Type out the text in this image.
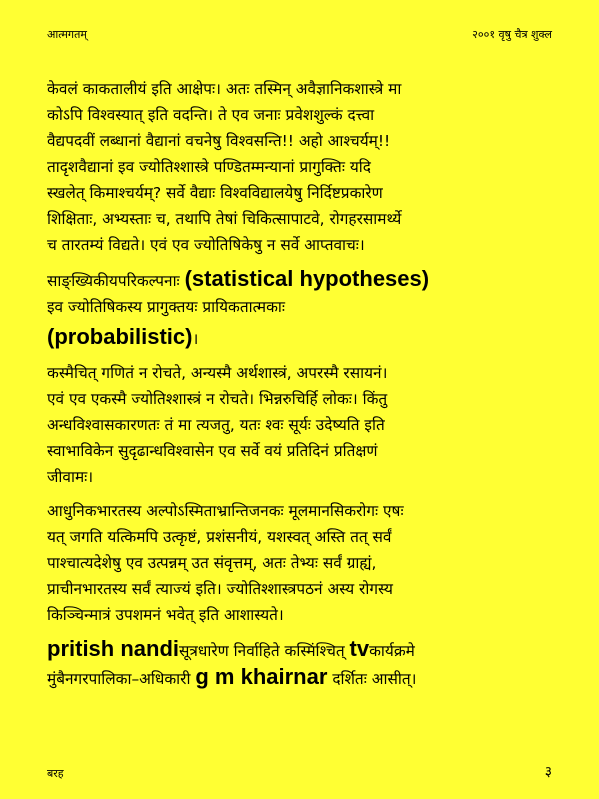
आत्मगतम्	२००१ वृषु चैत्र शुक्ल
केवलं काकतालीयं इति आक्षेपः। अतः तस्मिन् अवैज्ञानिकशास्त्रे मा
कोऽपि विश्वस्यात् इति वदन्ति। ते एव जनाः प्रवेशशुल्कं दत्त्वा
वैद्यपदवीं लब्धानां वैद्यानां वचनेषु विश्वसन्ति!! अहो आश्चर्यम्!!
तादृशवैद्यानां इव ज्योतिश्शास्त्रे पण्डितम्मन्यानां प्रागुक्तिः यदि
स्खलेत् किमाश्चर्यम्? सर्वे वैद्याः विश्वविद्यालयेषु निर्दिष्टप्रकारेण
शिक्षिताः, अभ्यस्ताः च, तथापि तेषां चिकित्सापाटवे, रोगहरसामर्थ्ये
च तारतम्यं विद्यते। एवं एव ज्योतिषिकेषु न सर्वे आप्तवाचः।
साङ्ख्यिकीयपरिकल्पनाः (statistical hypotheses)
इव ज्योतिषिकस्य प्रागुक्तयः प्रायिकतात्मकाः
(probabilistic)।
कस्मैचित् गणितं न रोचते, अन्यस्मै अर्थशास्त्रं, अपरस्मै रसायनं।
एवं एव एकस्मै ज्योतिश्शास्त्रं न रोचते। भिन्नरुचिर्हि लोकः। किंतु
अन्धविश्वासकारणतः तं मा त्यजतु, यतः श्वः सूर्यः उदेष्यति इति
स्वाभाविकेन सुदृढान्धविश्वासेन एव सर्वे वयं प्रतिदिनं प्रतिक्षणं
जीवामः।
आधुनिकभारतस्य अल्पोऽस्मिताभ्रान्तिजनकः मूलमानसिकरोगः एषः
यत् जगति यत्किमपि उत्कृष्टं, प्रशंसनीयं, यशस्वत् अस्ति तत् सर्वं
पाश्चात्यदेशेषु एव उत्पन्नम् उत संवृत्तम्, अतः तेभ्यः सर्वं ग्राह्यं,
प्राचीनभारतस्य सर्वं त्याज्यं इति। ज्योतिश्शास्त्रपठनं अस्य रोगस्य
किञ्चिन्मात्रं उपशमनं भवेत् इति आशास्यते।
pritish nandiसूत्रधारेण निर्वाहिते कस्मिंश्चित् tvकार्यक्रमे
मुंबैनगरपालिका–अधिकारी g m khairnar दर्शितः आसीत्।
बरह	३
